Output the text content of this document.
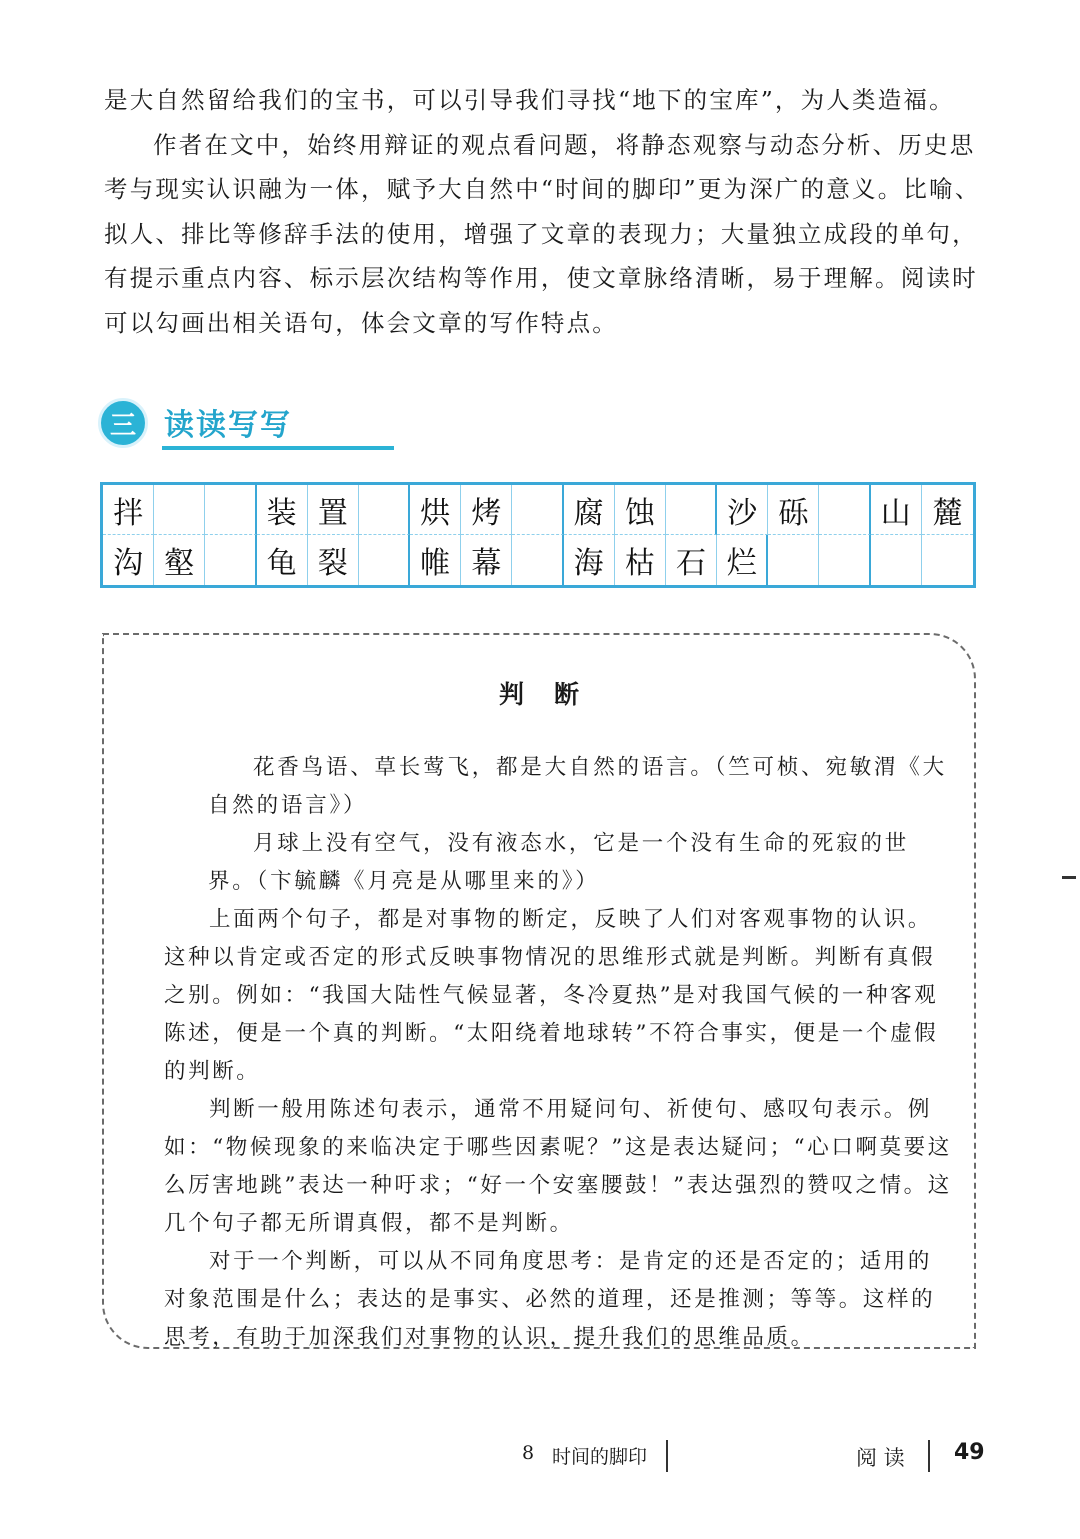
是大自然留给我们的宝书，可以引导我们寻找“地下的宝库”，为人类造福。

作者在文中，始终用辩证的观点看问题，将静态观察与动态分析、历史思考与现实认识融为一体，赋予大自然中“时间的脚印”更为深广的意义。比喻、拟人、排比等修辞手法的使用，增强了文章的表现力；大量独立成段的单句，有提示重点内容、标示层次结构等作用，使文章脉络清晰，易于理解。阅读时可以勾画出相关语句，体会文章的写作特点。

三 读读写写
拌	装 置	烘 烤	腐 蚀	沙 砾	山 麓
沟 壑	龟 裂	帷 幕	海 枯 石 烂
判断

花香鸟语、草长莺飞，都是大自然的语言。（竺可桢、宛敏渭《大自然的语言》）

月球上没有空气，没有液态水，它是一个没有生命的死寂的世界。（卞毓麟《月亮是从哪里来的》）

上面两个句子，都是对事物的断定，反映了人们对客观事物的认识。这种以肯定或否定的形式反映事物情况的思维形式就是判断。判断有真假之别。例如：“我国大陆性气候显著，冬冷夏热”是对我国气候的一种客观陈述，便是一个真的判断。“太阳绕着地球转”不符合事实，便是一个虚假的判断。

判断一般用陈述句表示，通常不用疑问句、祈使句、感叹句表示。例如：“物候现象的来临决定于哪些因素呢？”这是表达疑问；“心口啊莫要这么厉害地跳”表达一种吁求；“好一个安塞腰鼓！”表达强烈的赞叹之情。这几个句子都无所谓真假，都不是判断。

对于一个判断，可以从不同角度思考：是肯定的还是否定的；适用的对象范围是什么；表达的是事实、必然的道理，还是推测；等等。这样的思考，有助于加深我们对事物的认识，提升我们的思维品质。

8 时间的脚印	阅 读 49
